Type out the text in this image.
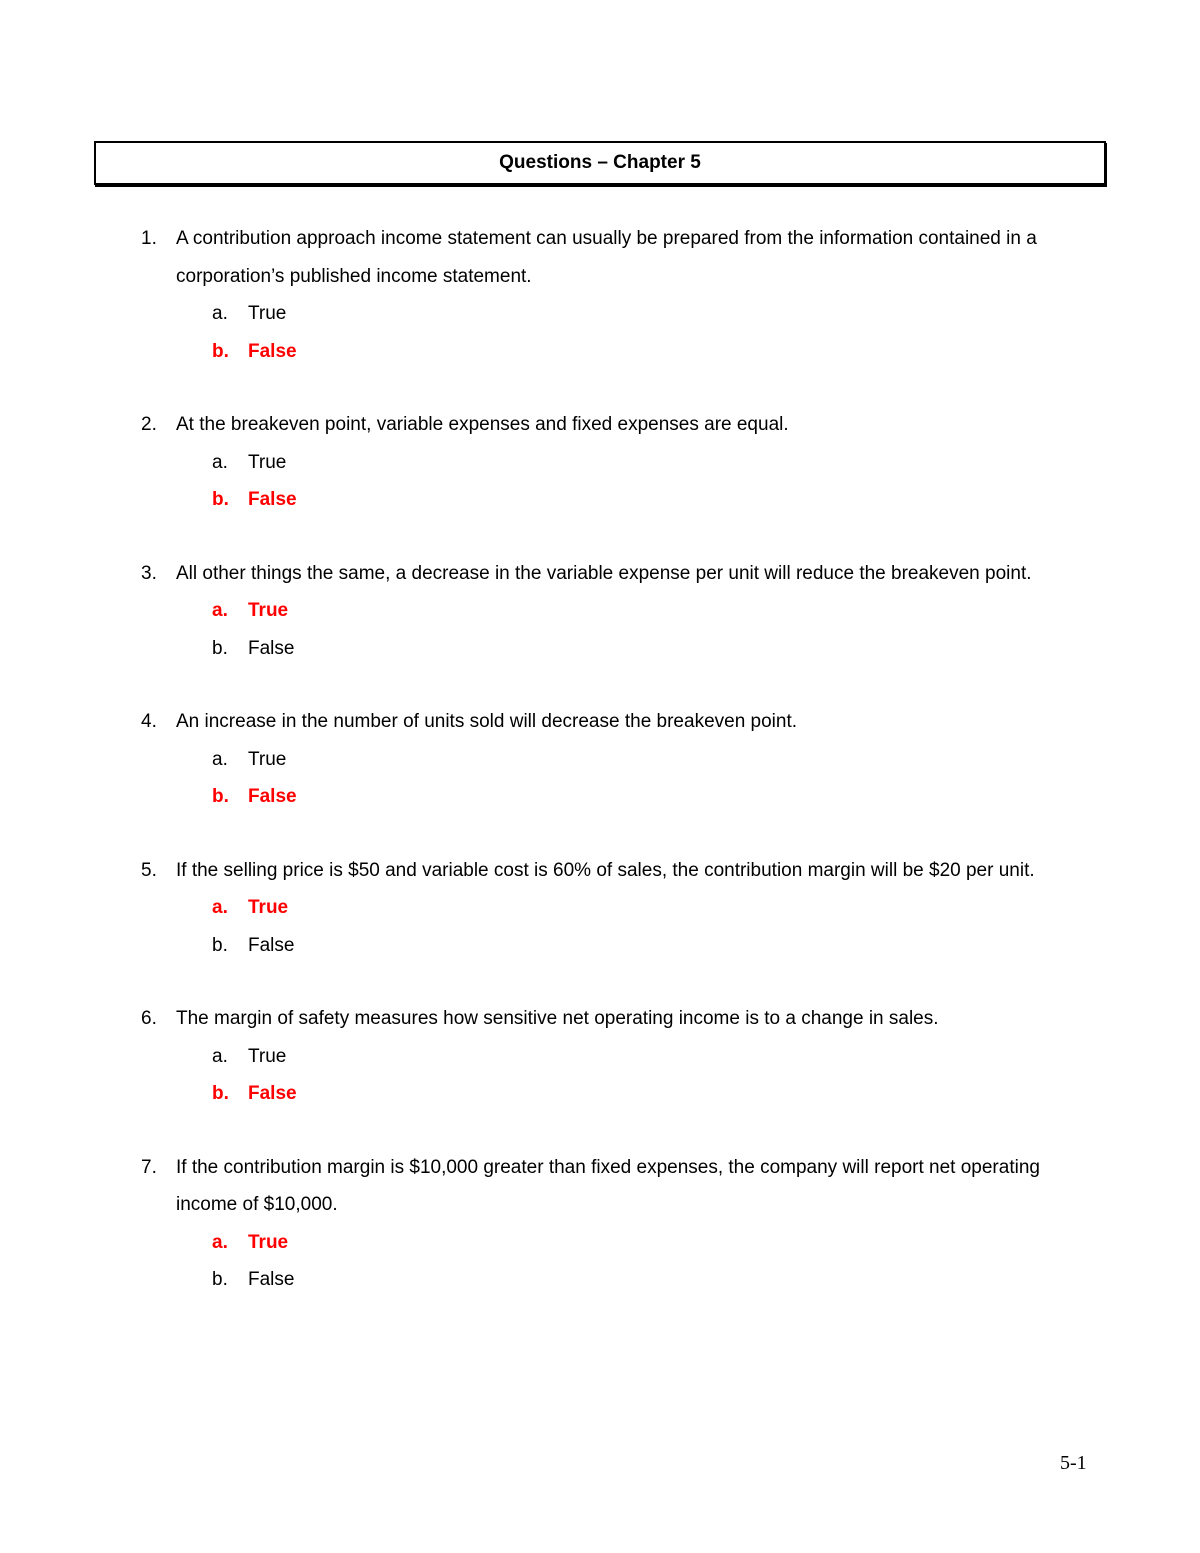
Questions – Chapter 5
1. A contribution approach income statement can usually be prepared from the information contained in a corporation’s published income statement.
a. True
b. False
2. At the breakeven point, variable expenses and fixed expenses are equal.
a. True
b. False
3. All other things the same, a decrease in the variable expense per unit will reduce the breakeven point.
a. True
b. False
4. An increase in the number of units sold will decrease the breakeven point.
a. True
b. False
5. If the selling price is $50 and variable cost is 60% of sales, the contribution margin will be $20 per unit.
a. True
b. False
6. The margin of safety measures how sensitive net operating income is to a change in sales.
a. True
b. False
7. If the contribution margin is $10,000 greater than fixed expenses, the company will report net operating income of $10,000.
a. True
b. False
5-1
